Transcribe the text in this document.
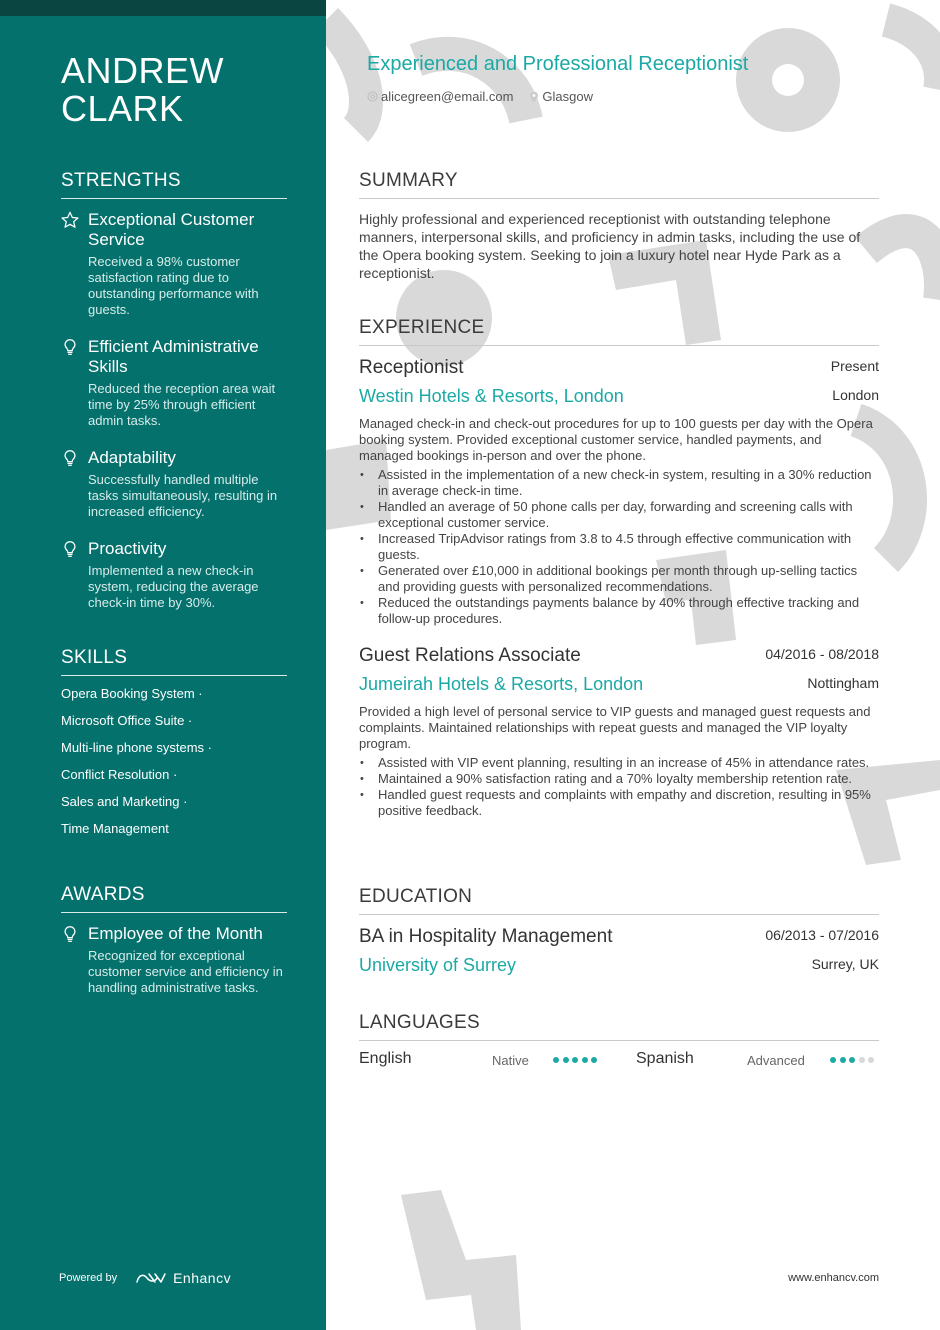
ANDREW
CLARK
STRENGTHS
Exceptional Customer Service
Received a 98% customer satisfaction rating due to outstanding performance with guests.
Efficient Administrative Skills
Reduced the reception area wait time by 25% through efficient admin tasks.
Adaptability
Successfully handled multiple tasks simultaneously, resulting in increased efficiency.
Proactivity
Implemented a new check-in system, reducing the average check-in time by 30%.
SKILLS
Opera Booking System ·
Microsoft Office Suite ·
Multi-line phone systems ·
Conflict Resolution ·
Sales and Marketing ·
Time Management
AWARDS
Employee of the Month
Recognized for exceptional customer service and efficiency in handling administrative tasks.
Powered by	Enhancv
Experienced and Professional Receptionist
alicegreen@email.com Glasgow
SUMMARY
Highly professional and experienced receptionist with outstanding telephone manners, interpersonal skills, and proficiency in admin tasks, including the use of the Opera booking system. Seeking to join a luxury hotel near Hyde Park as a receptionist.
EXPERIENCE
Receptionist	Present
Westin Hotels & Resorts, London	London
Managed check-in and check-out procedures for up to 100 guests per day with the Opera booking system. Provided exceptional customer service, handled payments, and managed bookings in-person and over the phone.
• Assisted in the implementation of a new check-in system, resulting in a 30% reduction in average check-in time.
• Handled an average of 50 phone calls per day, forwarding and screening calls with exceptional customer service.
• Increased TripAdvisor ratings from 3.8 to 4.5 through effective communication with guests.
• Generated over £10,000 in additional bookings per month through up-selling tactics and providing guests with personalized recommendations.
• Reduced the outstandings payments balance by 40% through effective tracking and follow-up procedures.
Guest Relations Associate	04/2016 - 08/2018
Jumeirah Hotels & Resorts, London	Nottingham
Provided a high level of personal service to VIP guests and managed guest requests and complaints. Maintained relationships with repeat guests and managed the VIP loyalty program.
• Assisted with VIP event planning, resulting in an increase of 45% in attendance rates.
• Maintained a 90% satisfaction rating and a 70% loyalty membership retention rate.
• Handled guest requests and complaints with empathy and discretion, resulting in 95% positive feedback.
EDUCATION
BA in Hospitality Management	06/2013 - 07/2016
University of Surrey	Surrey, UK
LANGUAGES
English	Native	Spanish	Advanced
www.enhancv.com
